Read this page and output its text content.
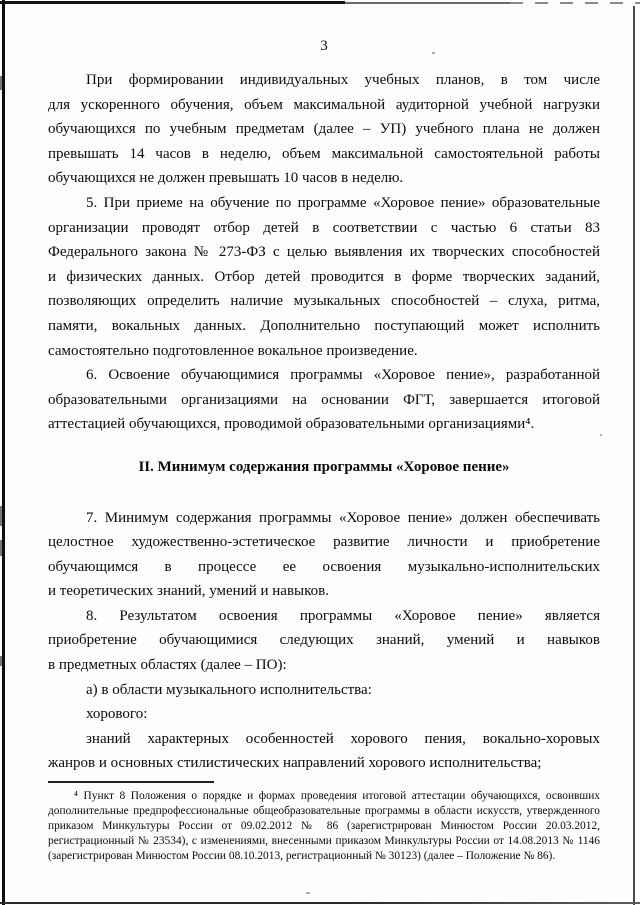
3
При формировании индивидуальных учебных планов, в том числе
для ускоренного обучения, объем максимальной аудиторной учебной нагрузки
обучающихся по учебным предметам (далее – УП) учебного плана не должен
превышать 14 часов в неделю, объем максимальной самостоятельной работы
обучающихся не должен превышать 10 часов в неделю.
5. При приеме на обучение по программе «Хоровое пение» образовательные
организации проводят отбор детей в соответствии с частью 6 статьи 83
Федерального закона № 273-ФЗ с целью выявления их творческих способностей
и физических данных. Отбор детей проводится в форме творческих заданий,
позволяющих определить наличие музыкальных способностей – слуха, ритма,
памяти, вокальных данных. Дополнительно поступающий может исполнить
самостоятельно подготовленное вокальное произведение.
6. Освоение обучающимися программы «Хоровое пение», разработанной
образовательными организациями на основании ФГТ, завершается итоговой
аттестацией обучающихся, проводимой образовательными организациями⁴.
II. Минимум содержания программы «Хоровое пение»
7. Минимум содержания программы «Хоровое пение» должен обеспечивать
целостное художественно-эстетическое развитие личности и приобретение
обучающимся в процессе ее освоения музыкально-исполнительских
и теоретических знаний, умений и навыков.
8. Результатом освоения программы «Хоровое пение» является
приобретение обучающимися следующих знаний, умений и навыков
в предметных областях (далее – ПО):
а) в области музыкального исполнительства:
хорового:
знаний характерных особенностей хорового пения, вокально-хоровых
жанров и основных стилистических направлений хорового исполнительства;
⁴ Пункт 8 Положения о порядке и формах проведения итоговой аттестации обучающихся, освоивших
дополнительные предпрофессиональные общеобразовательные программы в области искусств, утвержденного
приказом Минкультуры России от 09.02.2012 № 86 (зарегистрирован Минюстом России 20.03.2012,
регистрационный № 23534), с изменениями, внесенными приказом Минкультуры России от 14.08.2013 № 1146
(зарегистрирован Минюстом России 08.10.2013, регистрационный № 30123) (далее – Положение № 86).
